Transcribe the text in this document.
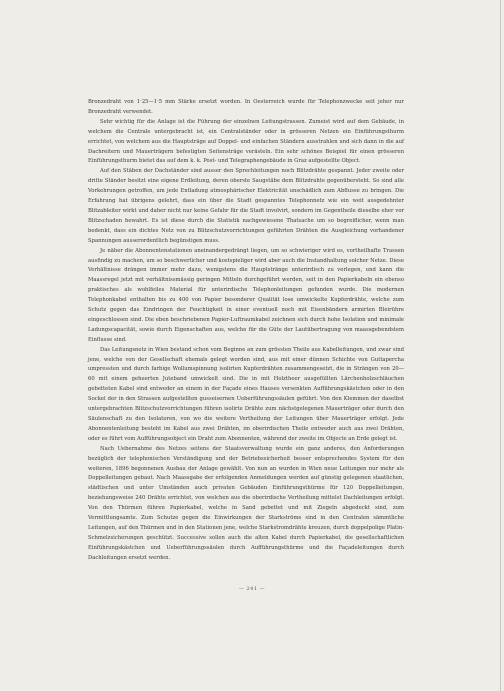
Bronzedraht von 1·25—1·5 mm Stärke ersetzt worden. In Oesterreich wurde für Telephonzwecke seit jeher nur Bronzedraht verwendet.

Sehr wichtig für die Anlage ist die Führung der einzelnen Leitungstrassen. Zumeist wird auf dem Gebäude, in welchem die Centrale untergebracht ist, ein Centralständer oder in grösseren Netzen ein Einführungsthurm errichtet, von welchem aus die Hauptsträge auf Doppel- und einfachen Ständern ausstrahlen und sich dann in die auf Dachreitern und Mauerträgern befestigten Seitensträge verästeln. Ein sehr schönes Beispiel für einen grösseren Einführungsthurm bietet das auf dem k. k. Post- und Telegraphengebäude in Graz aufgestellte Object.

Auf den Stäben der Dachständer sind ausser den Sprechleitungen noch Blitzdrähte gespannt. Jeder zweite oder dritte Ständer besitzt eine eigene Erdleitung, deren oberste Saugstäbe dem Blitzdrahte gegenübersteht. So sind alle Vorkehrungen getroffen, um jede Entladung atmosphärischer Elektricität unschädlich zum Abflusse zu bringen. Die Erfahrung hat übrigens gelehrt, dass ein über die Stadt gespanntes Telephonnetz wie ein weit ausgedehnter Blitzableiter wirkt und daher nicht nur keine Gefahr für die Stadt involvirt, sondern im Gegentheile dieselbe eher vor Blitzschaden bewahrt. Es ist diese durch die Statistik nachgewiesene Thatsache um so begreiflicher, wenn man bedenkt, dass ein dichtes Netz von zu Blitzschutzvorrichtungen geführten Drähten die Ausgleichung vorhandener Spannungen ausserordentlich begünstigen muss.

Je näher die Abonnentenstationen aneinandergedrängt liegen, um so schwieriger wird es, vortheilhafte Trassen ausfindig zu machen, um so beschwerlicher und kostspieliger wird aber auch die Instandhaltung solcher Netze. Diese Verhältnisse drängen immer mehr dazu, wenigstens die Hauptstränge unterirdisch zu verlegen, und kann die Maassregel jetzt mit verhältnissmässig geringen Mitteln durchgeführt werden, seit in den Papierkabeln ein ebenso praktisches als wohlfeiles Material für unterirdische Telephonleitungen gefunden wurde. Die modernen Telephonkabel enthalten bis zu 400 von Papier besonderer Qualität lose umwickelte Kupferdrähte, welche zum Schutz gegen das Eindringen der Feuchtigkeit in einer eventuell noch mit Eisenbändern armirten Bleirühre eingeschlossen sind. Die eben beschriebenen Papier-Luftraumkabel zeichnen sich durch hohe Isolation und minimale Ladungscapacität, sowie durch Eigenschaften aus, welche für die Güte der Lautübertragung von maassgebendstem Einflusse sind.

Das Leitungsnetz in Wien bestand schon vom Beginne an zum grössten Theile aus Kabelleitungen, und zwar sind jene, welche von der Gesellschaft ehemals gelegt worden sind, aus mit einer dünnen Schichte von Guttapercha umpressten und durch farbige Wollumspinnung isolirten Kupferdrähten zusammengesetzt, die in Strängen von 20—60 mit einem geheerten Juteband umwickelt sind. Die in mit Holztheer ausgefüllten Lärchenholzschläuchen gebetteten Kabel sind entweder an einem in der Façade eines Hauses versenkten Aufführungskästchen oder in den Sockel der in den Strassen aufgestellten gusseisernen Ueberführungssäulen geführt. Von den Klemmen der daselbst untergebrachten Blitzschutzvorrichtungen führen isolirte Drähte zum nächstgelegenen Mauerträger oder durch den Säulenschaft zu den Isolatoren, von wo die weitere Vertheilung der Leitungen über Mauerträger erfolgt. Jede Abonnentenleitung besteht im Kabel aus zwei Drähten, im oberirdischen Theile entweder auch aus zwei Drähten, oder es führt vom Aufführungsobject ein Draht zum Abonnenten, während der zweite im Objecte an Erde gelegt ist.

Nach Uebernahme des Netzes seitens der Staatsverwaltung wurde ein ganz anderes, den Anforderungen bezüglich der telephonischen Verständigung und der Betriebssicherheit besser entsprechendes System für den weiteren, 1896 begonnenen Ausbau der Anlage gewählt. Von nun an wurden in Wien neue Leitungen nur mehr als Doppelleitungen gebaut. Nach Maassgabe der erfolgenden Anmeldungen werden auf günstig gelegenen staatlichen, städtischen und unter Umständen auch privaten Gebäuden Einführungsthürme für 120 Doppelleitungen, beziehungsweise 240 Drähte errichtet, von welchen aus die oberirdische Vertheilung mittelst Dachleitungen erfolgt. Von den Thürmen führen Papierkabel, welche in Sand gebettet und mit Ziegeln abgedeckt sind, zum Vermittlungsamte. Zum Schutze gegen die Einwirkungen der Starkströme sind in den Centralen sämmtliche Leitungen, auf den Thürmen und in den Stationen jene, welche Starkstromdrähte kreuzen, durch doppelpolige Platin-Schmelzsicherungen geschützt. Successive sollen auch die alten Kabel durch Papierkabel, die gesellschaftlichen Einführungskästchen und Ueberführungssäulen durch Aufführungsthürme und die Façadeleitungen durch Dachleitungen ersetzt werden.

— 241 —
